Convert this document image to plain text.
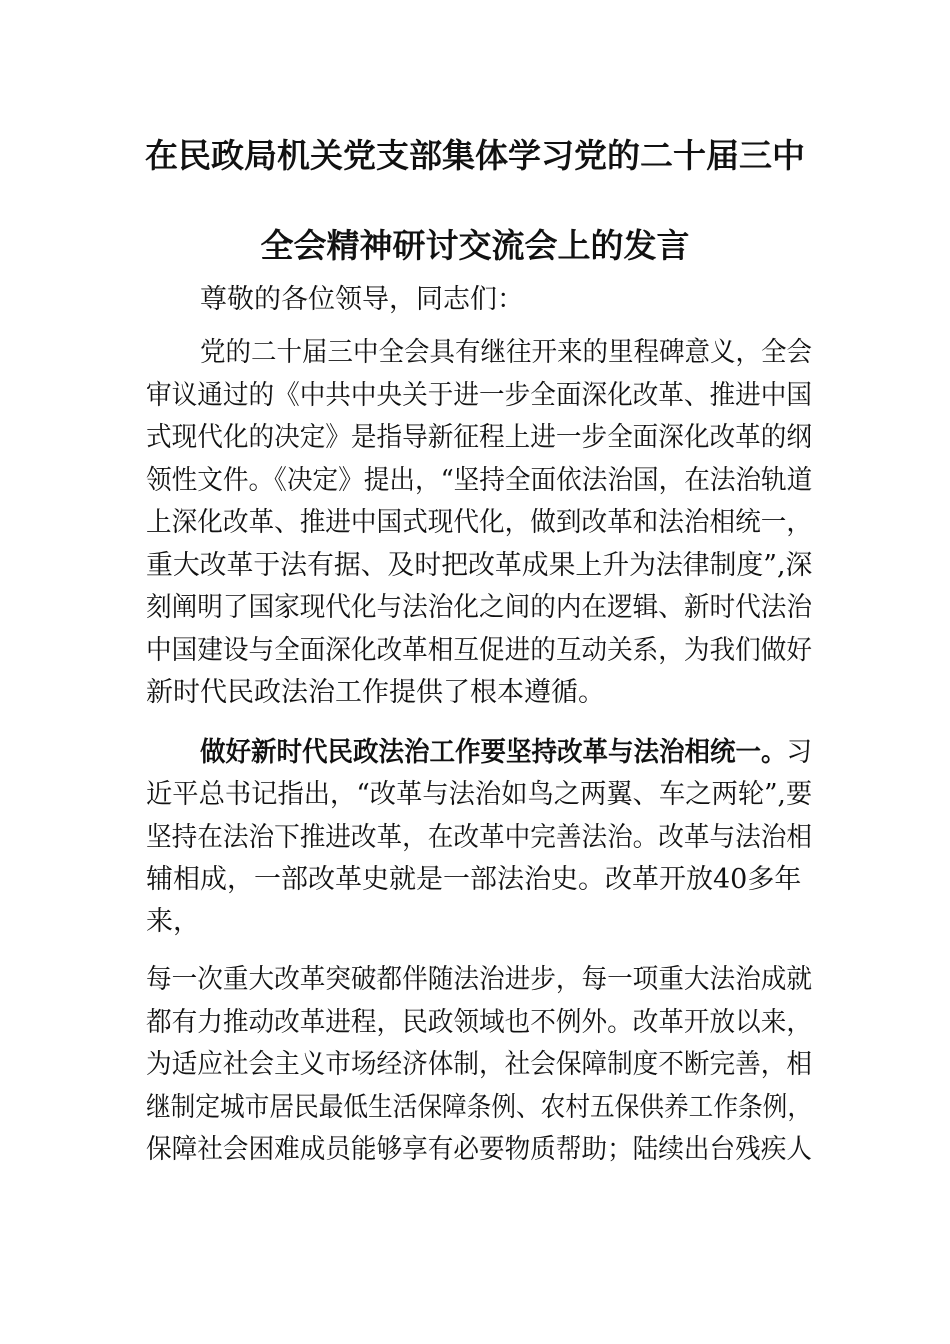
在民政局机关党支部集体学习党的二十届三中
全会精神研讨交流会上的发言
尊敬的各位领导，同志们：
党的二十届三中全会具有继往开来的里程碑意义，全会
审议通过的《中共中央关于进一步全面深化改革、推进中国
式现代化的决定》是指导新征程上进一步全面深化改革的纲
领性文件。《决定》提出，“坚持全面依法治国，在法治轨道
上深化改革、推进中国式现代化，做到改革和法治相统一，
重大改革于法有据、及时把改革成果上升为法律制度”,深
刻阐明了国家现代化与法治化之间的内在逻辑、新时代法治
中国建设与全面深化改革相互促进的互动关系，为我们做好
新时代民政法治工作提供了根本遵循。
做好新时代民政法治工作要坚持改革与法治相统一。习
近平总书记指出，“改革与法治如鸟之两翼、车之两轮”,要
坚持在法治下推进改革，在改革中完善法治。改革与法治相
辅相成，一部改革史就是一部法治史。改革开放40多年
来，
每一次重大改革突破都伴随法治进步，每一项重大法治成就
都有力推动改革进程，民政领域也不例外。改革开放以来，
为适应社会主义市场经济体制，社会保障制度不断完善，相
继制定城市居民最低生活保障条例、农村五保供养工作条例，
保障社会困难成员能够享有必要物质帮助；陆续出台残疾人
